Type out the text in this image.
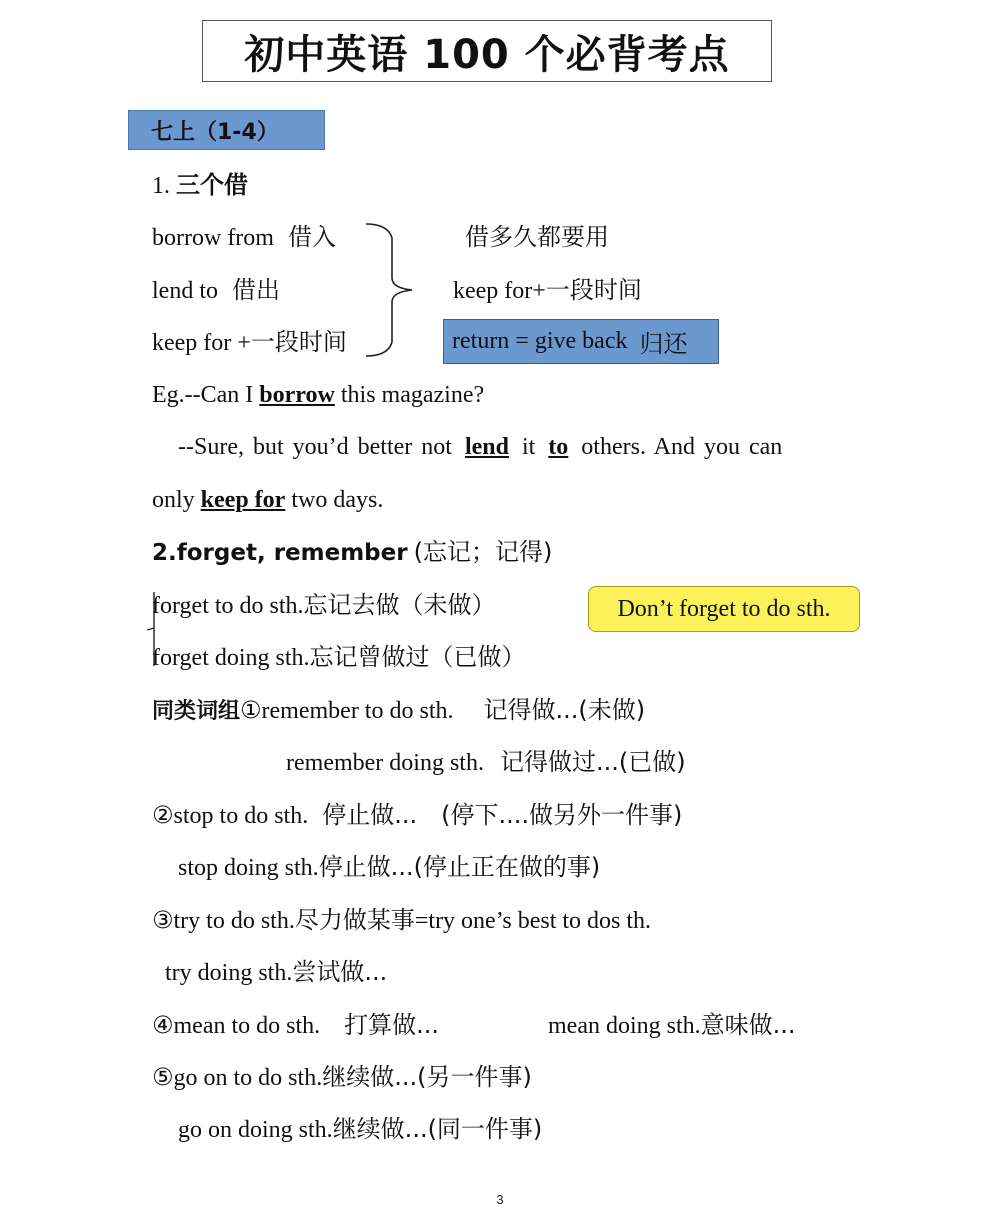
初中英语 100 个必背考点
七上（1-4）
1. 三个借
borrow from 借入
lend to 借出
keep for +一段时间
借多久都要用
keep for+一段时间
return = give back 归还
Eg.--Can I borrow this magazine?
--Sure, but you’d better not lend it to others. And you can
only keep for two days.
2.forget, remember (忘记；记得)
forget to do sth.忘记去做（未做）
forget doing sth.忘记曾做过（已做）
Don’t forget to do sth.
同类词组①remember to do sth. 记得做...(未做)
remember doing sth. 记得做过...(已做)
②stop to do sth. 停止做... (停下....做另外一件事)
stop doing sth.停止做...(停止正在做的事)
③try to do sth.尽力做某事=try one’s best to dos th.
try doing sth.尝试做...
④mean to do sth. 打算做...	mean doing sth.意味做...
⑤go on to do sth.继续做...(另一件事)
go on doing sth.继续做...(同一件事)
3
